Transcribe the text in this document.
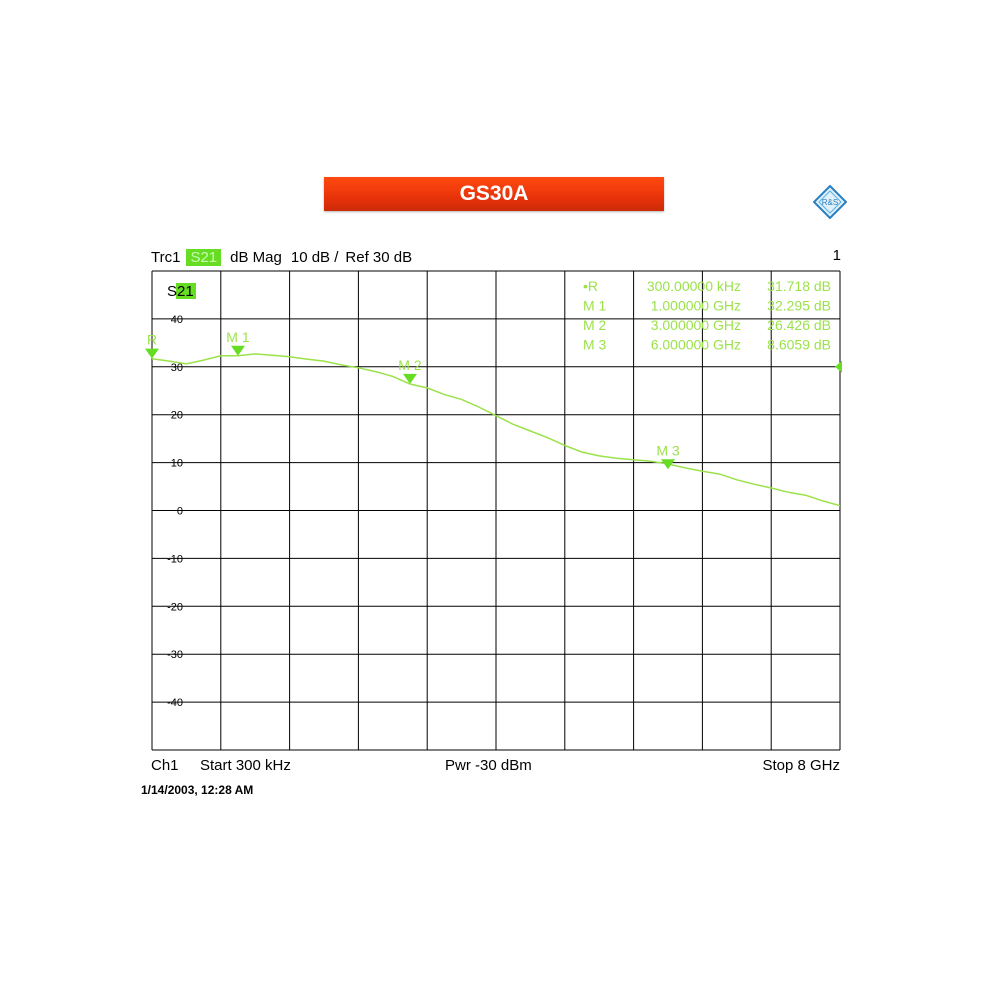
GS30A	R&S
Trc1 S21 dB Mag 10 dB / Ref 30 dB	1
40
30
20
10
0
-10
-20
-30
-40
R	M 1
M 2
M 3
•R	300.00000 kHz 31.718 dB
M 1	1.000000 GHz 32.295 dB
M 2	3.000000 GHz 26.426 dB
M 3	6.000000 GHz 8.6059 dB
S21
Ch1 Start 300 kHz	Pwr -30 dBm	Stop 8 GHz
1/14/2003, 12:28 AM
